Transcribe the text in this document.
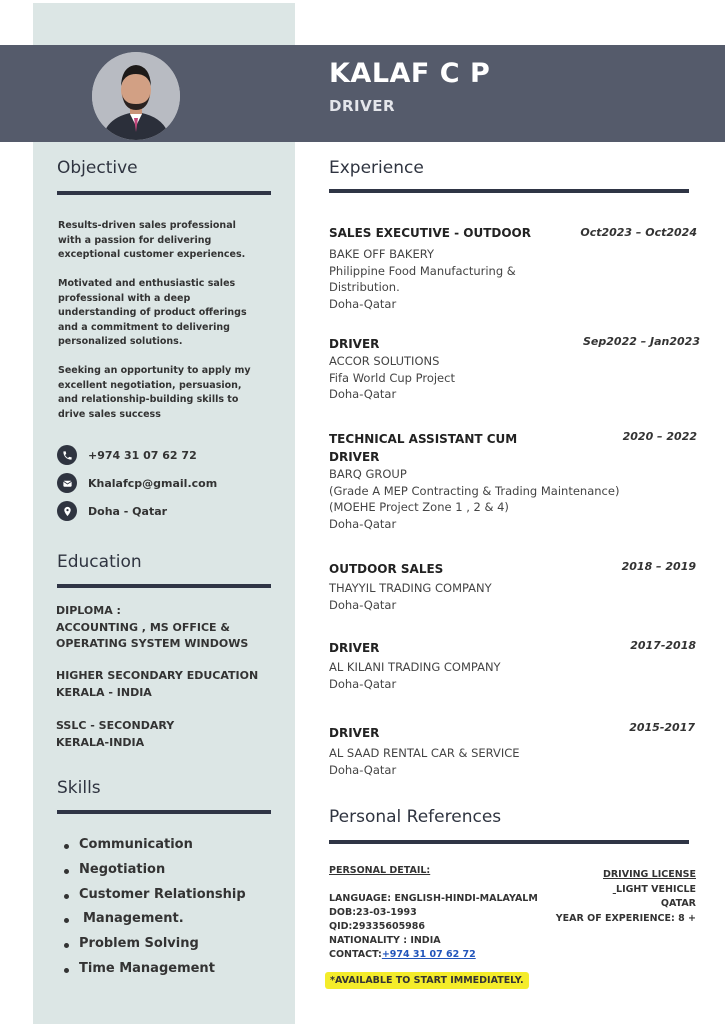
KALAF C P
DRIVER
Objective
Results-driven sales professional
with a passion for delivering
exceptional customer experiences.
Motivated and enthusiastic sales
professional with a deep
understanding of product offerings
and a commitment to delivering
personalized solutions.
Seeking an opportunity to apply my
excellent negotiation, persuasion,
and relationship-building skills to
drive sales success
+974 31 07 62 72
Khalafcp@gmail.com
Doha - Qatar
Education
DIPLOMA :
ACCOUNTING , MS OFFICE &
OPERATING SYSTEM WINDOWS
HIGHER SECONDARY EDUCATION
KERALA - INDIA
SSLC - SECONDARY
KERALA-INDIA
Skills
Communication
Negotiation
Customer Relationship
Management.
Problem Solving
Time Management
Experience
SALES EXECUTIVE - OUTDOOR	Oct2023 – Oct2024
BAKE OFF BAKERY
Philippine Food Manufacturing &
Distribution.
Doha-Qatar
DRIVER	Sep2022 – Jan2023
ACCOR SOLUTIONS
Fifa World Cup Project
Doha-Qatar
TECHNICAL ASSISTANT CUM
DRIVER
2020 – 2022
BARQ GROUP
(Grade A MEP Contracting & Trading Maintenance)
(MOEHE Project Zone 1 , 2 & 4)
Doha-Qatar
OUTDOOR SALES	2018 – 2019
THAYYIL TRADING COMPANY
Doha-Qatar
DRIVER	2017-2018
AL KILANI TRADING COMPANY
Doha-Qatar
DRIVER	2015-2017
AL SAAD RENTAL CAR & SERVICE
Doha-Qatar
Personal References
PERSONAL DETAIL:
LANGUAGE: ENGLISH-HINDI-MALAYALM
DOB:23-03-1993
QID:29335605986
NATIONALITY : INDIA
CONTACT:+974 31 07 62 72
DRIVING LICENSE
LIGHT VEHICLE
QATAR
YEAR OF EXPERIENCE: 8 +
*AVAILABLE TO START IMMEDIATELY.
